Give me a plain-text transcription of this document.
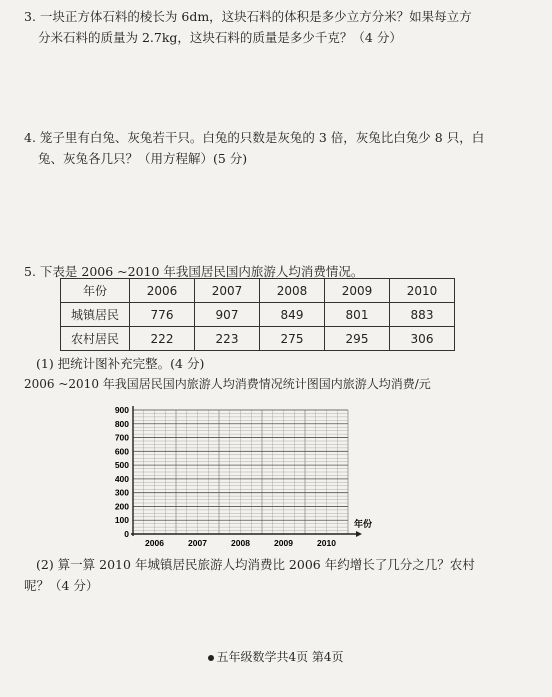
3. 一块正方体石料的棱长为 6dm，这块石料的体积是多少立方分米？如果每立方
分米石料的质量为 2.7kg，这块石料的质量是多少千克？（4 分）
4. 笼子里有白兔、灰兔若干只。白兔的只数是灰兔的 3 倍，灰兔比白兔少 8 只，白
兔、灰兔各几只？（用方程解）(5 分)
5. 下表是 2006 ~2010 年我国居民国内旅游人均消费情况。
年份	2006	2007	2008	2009	2010
城镇居民	776	907	849	801	883
农村居民	222	223	275	295	306
(1) 把统计图补充完整。(4 分)
2006 ~2010 年我国居民国内旅游人均消费情况统计图国内旅游人均消费/元
900
800
700
600
500
400
300
200
100
0
2006	2007	2008	2009	2010
年份
(2) 算一算 2010 年城镇居民旅游人均消费比 2006 年约增长了几分之几？农村
呢？（4 分）
五年级数学共4页 第4页
